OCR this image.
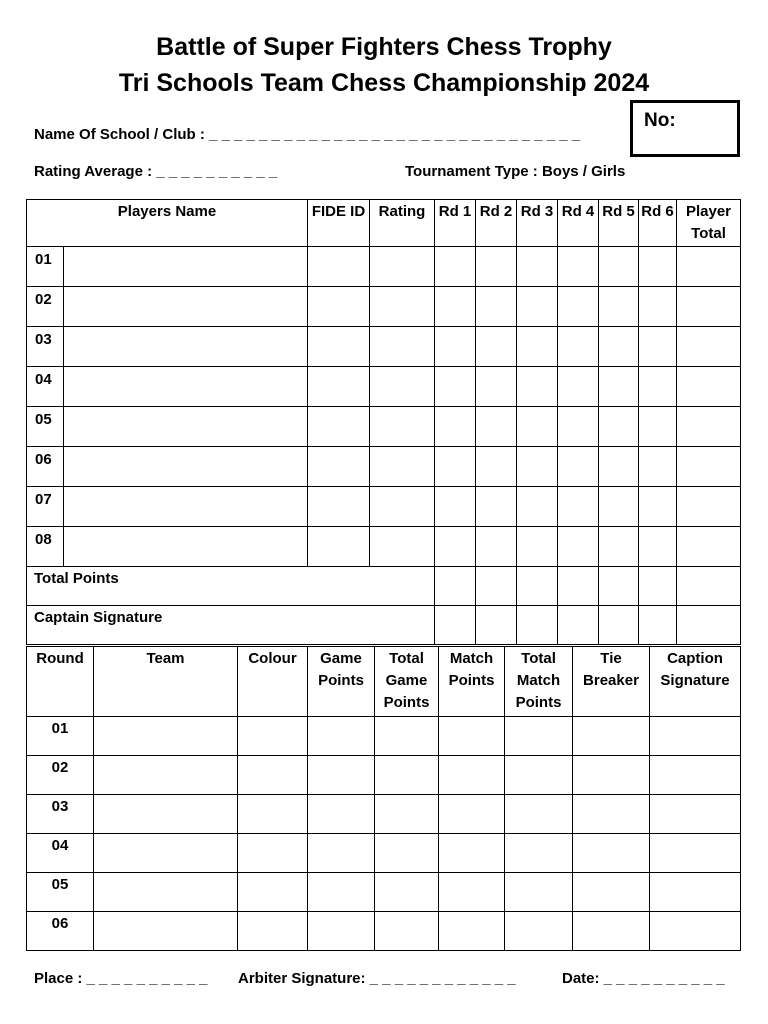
Battle of Super Fighters Chess Trophy
Tri Schools Team Chess Championship 2024
Name Of School / Club : _ _ _ _ _ _ _ _ _ _ _ _ _ _ _ _ _ _ _ _ _ _ _ _ _ _ _ _ _ _
Rating Average : _ _ _ _ _ _ _ _ _ _	Tournament Type : Boys / Girls
No:
Players Name		FIDE ID	Rating	Rd 1	Rd 2	Rd 3	Rd 4	Rd 5	Rd 6	Player Total
01										
02										
03										
04										
05										
06										
07										
08										
Total Points										
Captain Signature										
Round	Team	Colour	Game Points	Total Game Points	Match Points	Total Match Points	Tie Breaker	Caption Signature
01								
02								
03								
04								
05								
06								
Place : _ _ _ _ _ _ _ _ _ _ Arbiter Signature: _ _ _ _ _ _ _ _ _ _ _ _	Date: _ _ _ _ _ _ _ _ _ _
